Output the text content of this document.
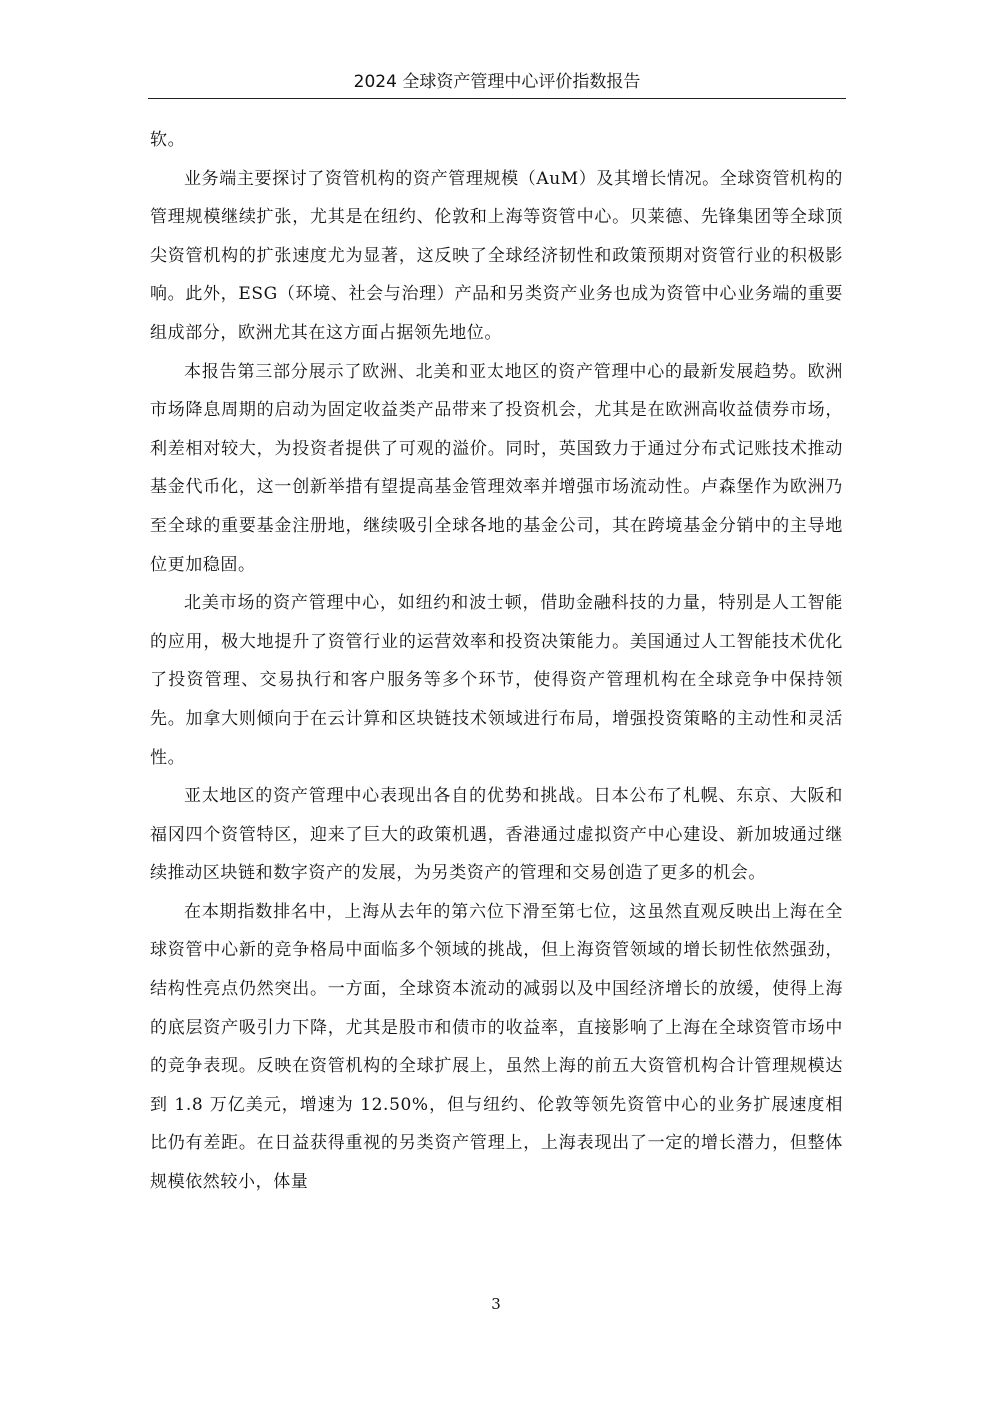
2024 全球资产管理中心评价指数报告

软。

业务端主要探讨了资管机构的资产管理规模（AuM）及其增长情况。全球资管机构的管理规模继续扩张，尤其是在纽约、伦敦和上海等资管中心。贝莱德、先锋集团等全球顶尖资管机构的扩张速度尤为显著，这反映了全球经济韧性和政策预期对资管行业的积极影响。此外，ESG（环境、社会与治理）产品和另类资产业务也成为资管中心业务端的重要组成部分，欧洲尤其在这方面占据领先地位。

本报告第三部分展示了欧洲、北美和亚太地区的资产管理中心的最新发展趋势。欧洲市场降息周期的启动为固定收益类产品带来了投资机会，尤其是在欧洲高收益债券市场，利差相对较大，为投资者提供了可观的溢价。同时，英国致力于通过分布式记账技术推动基金代币化，这一创新举措有望提高基金管理效率并增强市场流动性。卢森堡作为欧洲乃至全球的重要基金注册地，继续吸引全球各地的基金公司，其在跨境基金分销中的主导地位更加稳固。

北美市场的资产管理中心，如纽约和波士顿，借助金融科技的力量，特别是人工智能的应用，极大地提升了资管行业的运营效率和投资决策能力。美国通过人工智能技术优化了投资管理、交易执行和客户服务等多个环节，使得资产管理机构在全球竞争中保持领先。加拿大则倾向于在云计算和区块链技术领域进行布局，增强投资策略的主动性和灵活性。

亚太地区的资产管理中心表现出各自的优势和挑战。日本公布了札幌、东京、大阪和福冈四个资管特区，迎来了巨大的政策机遇，香港通过虚拟资产中心建设、新加坡通过继续推动区块链和数字资产的发展，为另类资产的管理和交易创造了更多的机会。

在本期指数排名中，上海从去年的第六位下滑至第七位，这虽然直观反映出上海在全球资管中心新的竞争格局中面临多个领域的挑战，但上海资管领域的增长韧性依然强劲，结构性亮点仍然突出。一方面，全球资本流动的减弱以及中国经济增长的放缓，使得上海的底层资产吸引力下降，尤其是股市和债市的收益率，直接影响了上海在全球资管市场中的竞争表现。反映在资管机构的全球扩展上，虽然上海的前五大资管机构合计管理规模达到 1.8 万亿美元，增速为 12.50%，但与纽约、伦敦等领先资管中心的业务扩展速度相比仍有差距。在日益获得重视的另类资产管理上，上海表现出了一定的增长潜力，但整体规模依然较小，体量

3
